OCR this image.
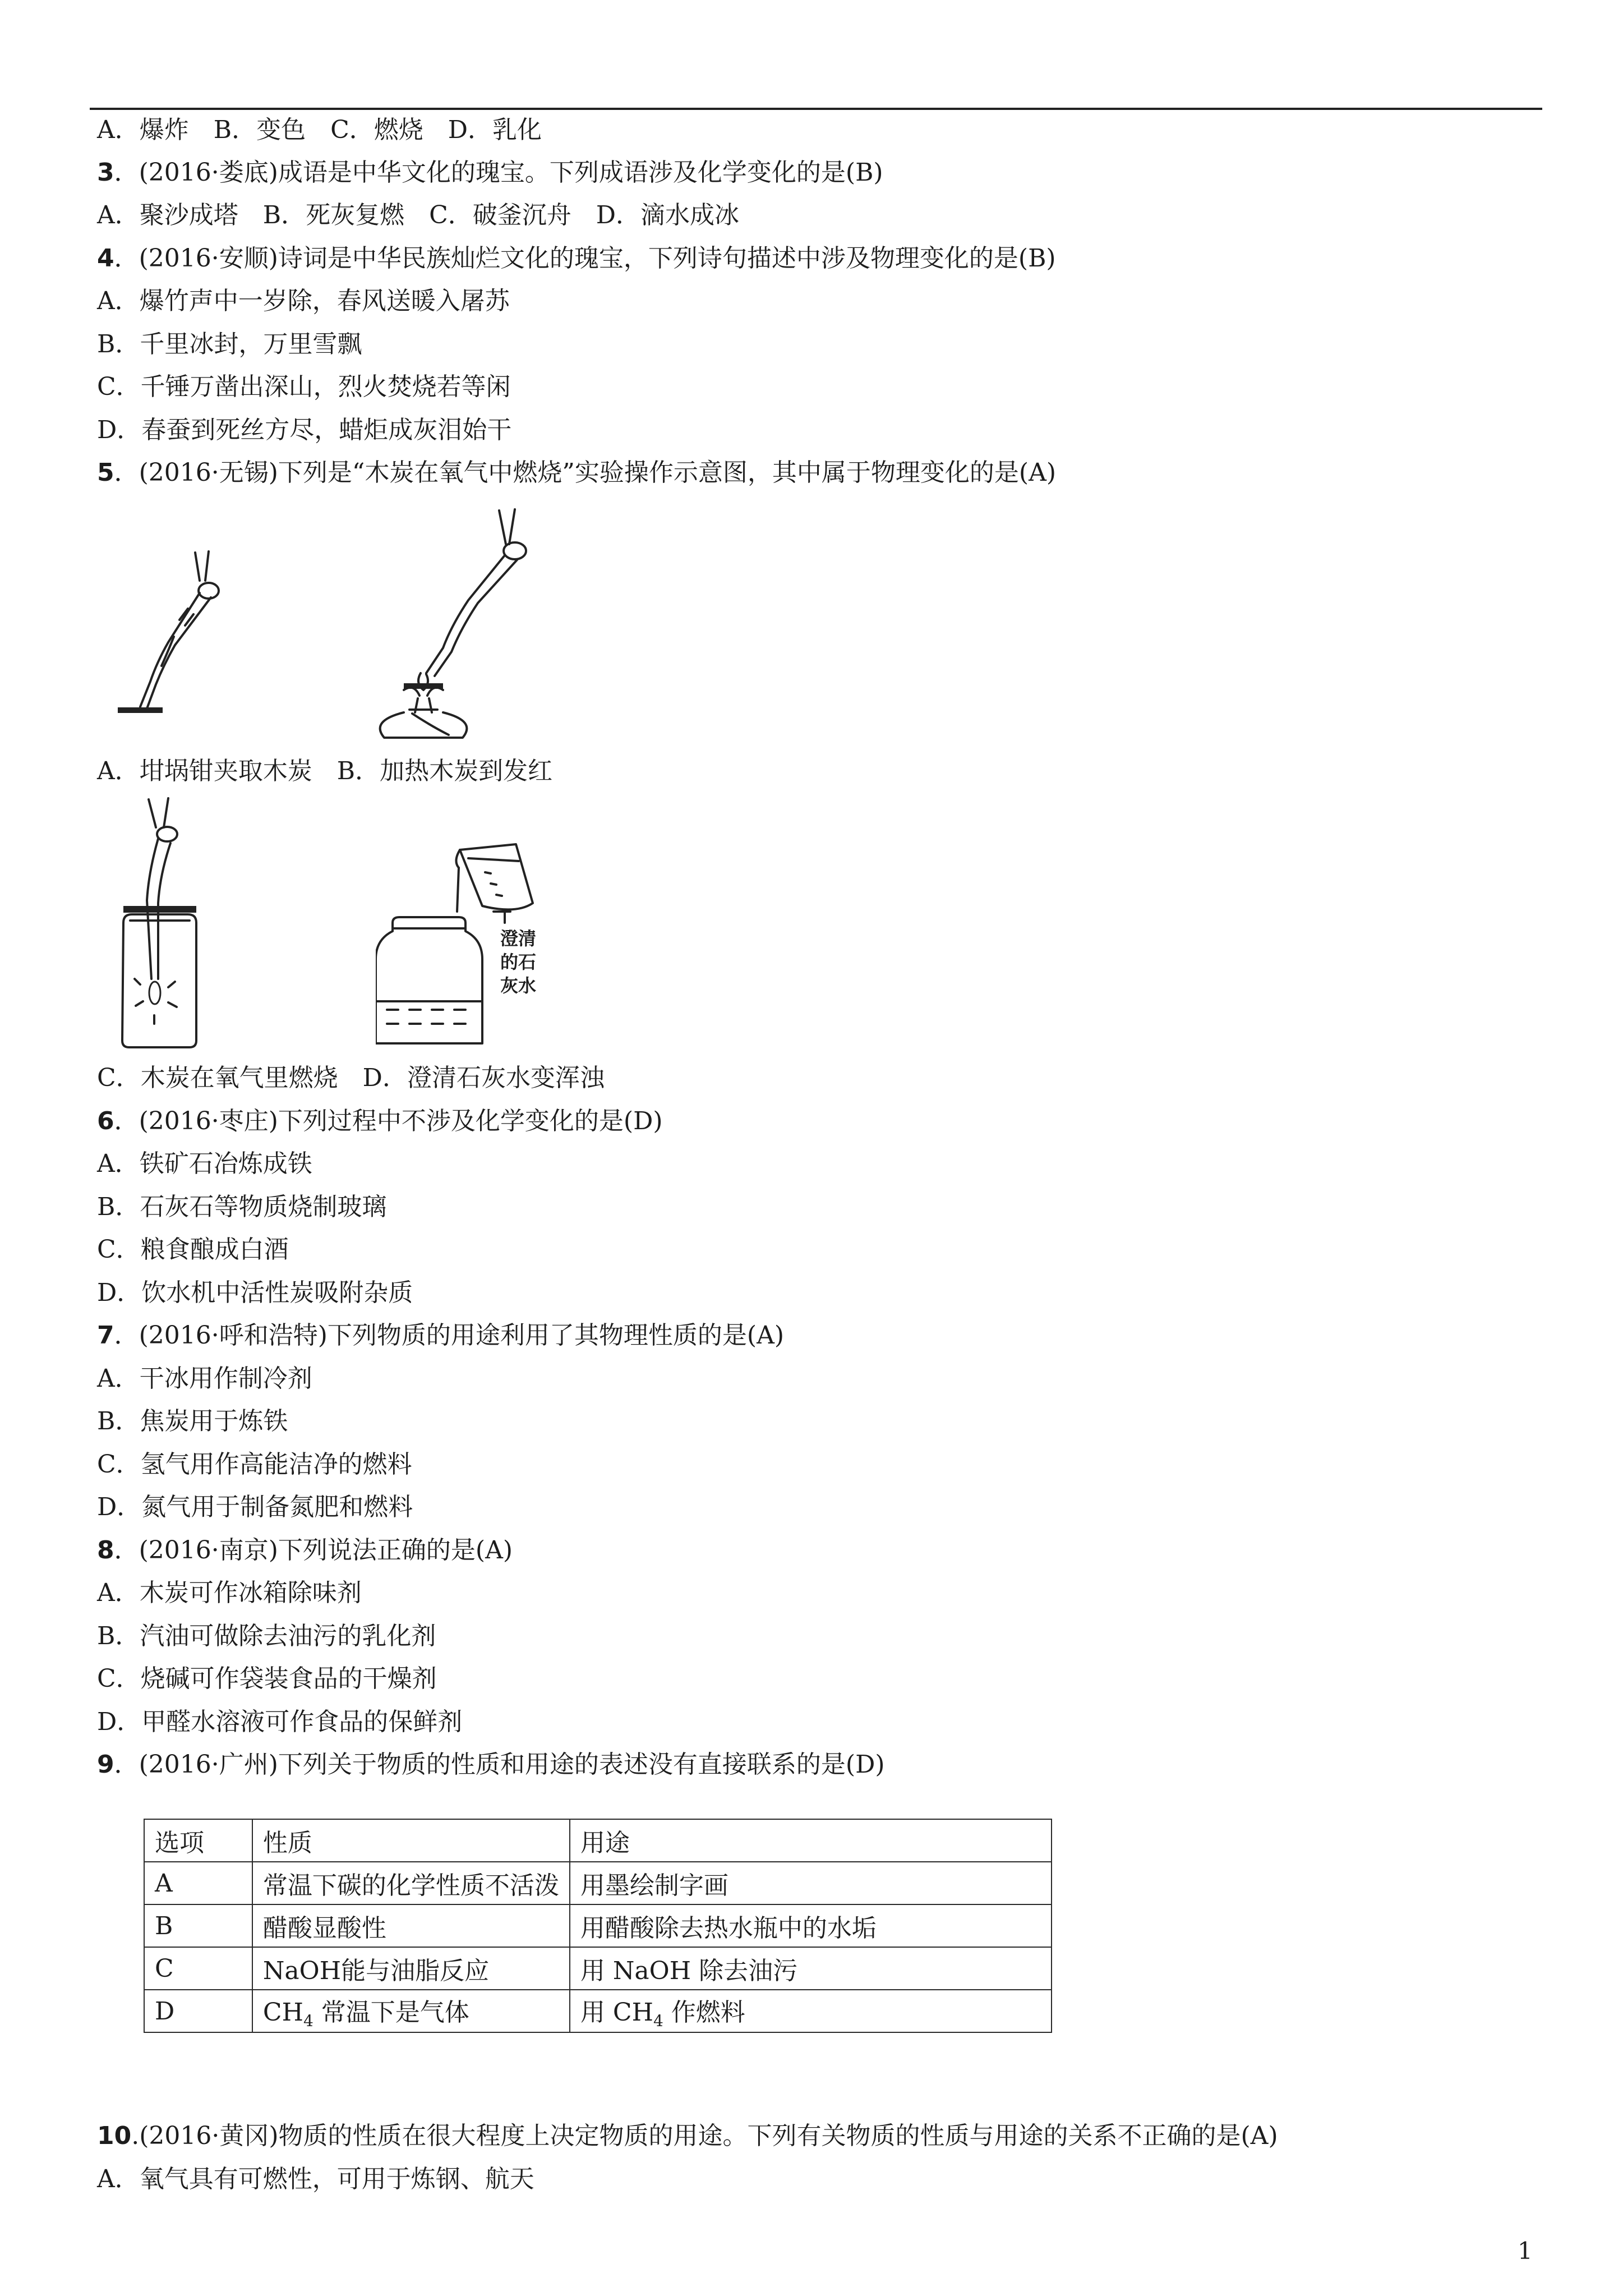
A．爆炸　B．变色　C．燃烧　D．乳化
3．(2016·娄底)成语是中华文化的瑰宝。下列成语涉及化学变化的是(B)
A．聚沙成塔　B．死灰复燃　C．破釜沉舟　D．滴水成冰
4．(2016·安顺)诗词是中华民族灿烂文化的瑰宝，下列诗句描述中涉及物理变化的是(B)
A．爆竹声中一岁除，春风送暖入屠苏
B．千里冰封，万里雪飘
C．千锤万凿出深山，烈火焚烧若等闲
D．春蚕到死丝方尽，蜡炬成灰泪始干
5．(2016·无锡)下列是“木炭在氧气中燃烧”实验操作示意图，其中属于物理变化的是(A)
A．坩埚钳夹取木炭　B．加热木炭到发红
澄清
的石
灰水
C．木炭在氧气里燃烧　D．澄清石灰水变浑浊
6．(2016·枣庄)下列过程中不涉及化学变化的是(D)
A．铁矿石冶炼成铁
B．石灰石等物质烧制玻璃
C．粮食酿成白酒
D．饮水机中活性炭吸附杂质
7．(2016·呼和浩特)下列物质的用途利用了其物理性质的是(A)
A．干冰用作制冷剂
B．焦炭用于炼铁
C．氢气用作高能洁净的燃料
D．氮气用于制备氮肥和燃料
8．(2016·南京)下列说法正确的是(A)
A．木炭可作冰箱除味剂
B．汽油可做除去油污的乳化剂
C．烧碱可作袋装食品的干燥剂
D．甲醛水溶液可作食品的保鲜剂
9．(2016·广州)下列关于物质的性质和用途的表述没有直接联系的是(D)
选项	性质	用途
A	常温下碳的化学性质不活泼	用墨绘制字画
B	醋酸显酸性	用醋酸除去热水瓶中的水垢
C	NaOH能与油脂反应	用 NaOH 除去油污
D	$CH_4$ 常温下是气体	用 $CH_4$ 作燃料
10.(2016·黄冈)物质的性质在很大程度上决定物质的用途。下列有关物质的性质与用途的关系不正确的是(A)
A．氧气具有可燃性，可用于炼钢、航天
1
